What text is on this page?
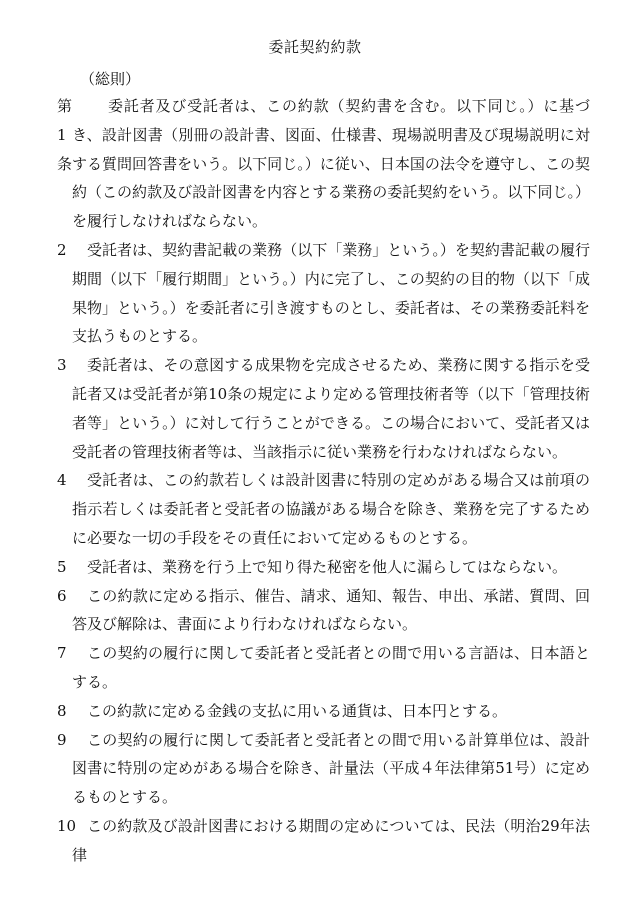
委託契約約款
（総則）

第1条
委託者及び受託者は、この約款（契約書を含む。以下同じ。）に基づき、設計図書（別冊の設計書、図面、仕様書、現場説明書及び現場説明に対する質問回答書をいう。以下同じ。）に従い、日本国の法令を遵守し、この契約（この約款及び設計図書を内容とする業務の委託契約をいう。以下同じ。）を履行しなければならない。

2	受託者は、契約書記載の業務（以下「業務」という。）を契約書記載の履行期間（以下「履行期間」という。）内に完了し、この契約の目的物（以下「成果物」という。）を委託者に引き渡すものとし、委託者は、その業務委託料を支払うものとする。

3	委託者は、その意図する成果物を完成させるため、業務に関する指示を受託者又は受託者が第10条の規定により定める管理技術者等（以下「管理技術者等」という。）に対して行うことができる。この場合において、受託者又は受託者の管理技術者等は、当該指示に従い業務を行わなければならない。

4	受託者は、この約款若しくは設計図書に特別の定めがある場合又は前項の指示若しくは委託者と受託者の協議がある場合を除き、業務を完了するために必要な一切の手段をその責任において定めるものとする。

5	受託者は、業務を行う上で知り得た秘密を他人に漏らしてはならない。

6	この約款に定める指示、催告、請求、通知、報告、申出、承諾、質問、回答及び解除は、書面により行わなければならない。

7	この契約の履行に関して委託者と受託者との間で用いる言語は、日本語とする。

8	この約款に定める金銭の支払に用いる通貨は、日本円とする。

9	この契約の履行に関して委託者と受託者との間で用いる計算単位は、設計図書に特別の定めがある場合を除き、計量法（平成４年法律第51号）に定めるものとする。

10 この約款及び設計図書における期間の定めについては、民法（明治29年法律
